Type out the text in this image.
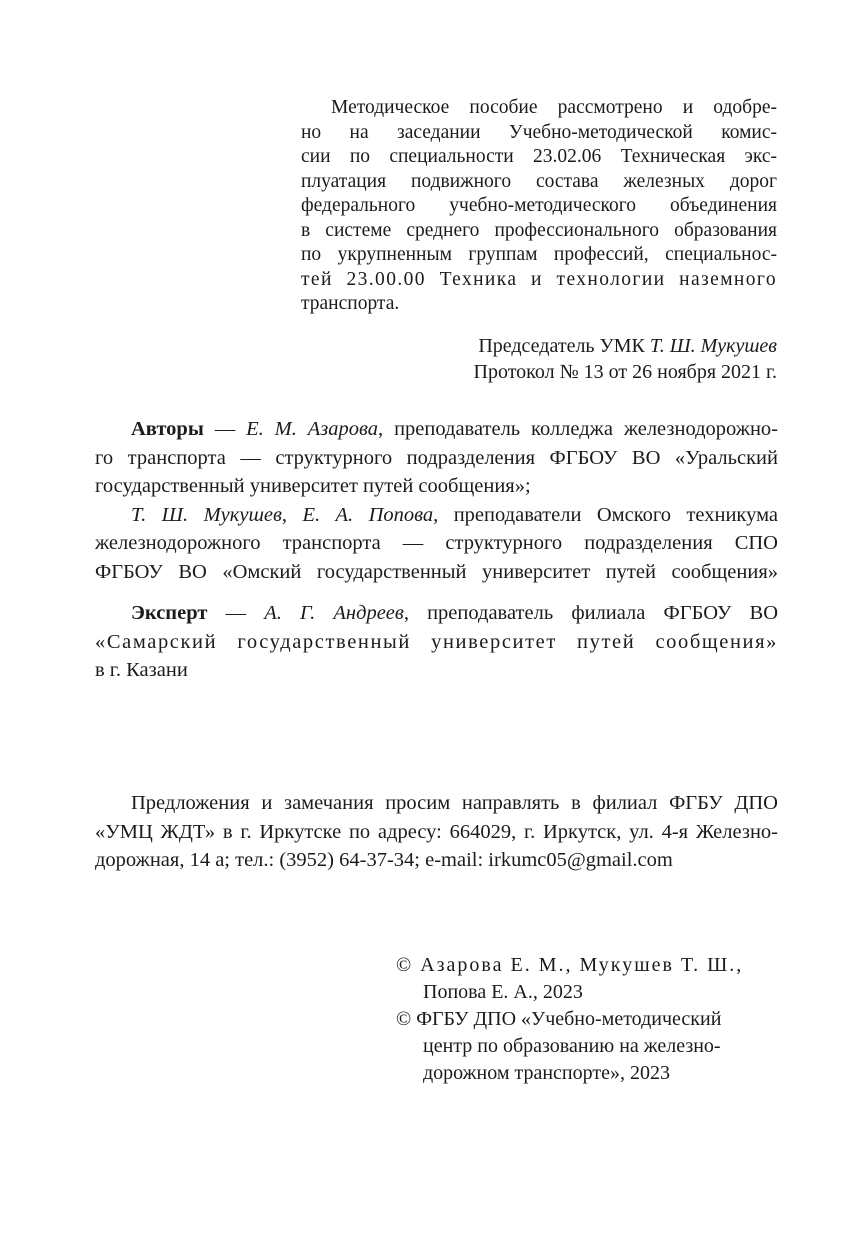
Методическое пособие рассмотрено и одобре-
но на заседании Учебно-методической комис-
сии по специальности 23.02.06 Техническая экс-
плуатация подвижного состава железных дорог
федерального учебно-методического объединения
в системе среднего профессионального образования
по укрупненным группам профессий, специальнос-
тей 23.00.00 Техника и технологии наземного
транспорта.
Председатель УМК Т. Ш. Мукушев
Протокол № 13 от 26 ноября 2021 г.
Авторы — Е. М. Азарова, преподаватель колледжа железнодорожно-
го транспорта — структурного подразделения ФГБОУ ВО «Уральский
государственный университет путей сообщения»;
Т. Ш. Мукушев, Е. А. Попова, преподаватели Омского техникума
железнодорожного транспорта — структурного подразделения СПО
ФГБОУ ВО «Омский государственный университет путей сообщения»
Эксперт — А. Г. Андреев, преподаватель филиала ФГБОУ ВО
«Самарский государственный университет путей сообщения»
в г. Казани
Предложения и замечания просим направлять в филиал ФГБУ ДПО
«УМЦ ЖДТ» в г. Иркутске по адресу: 664029, г. Иркутск, ул. 4-я Железно-
дорожная, 14 а; тел.: (3952) 64-37-34; e-mail: irkumc05@gmail.com
© Азарова Е. М., Мукушев Т. Ш.,
Попова Е. А., 2023
© ФГБУ ДПО «Учебно-методический
центр по образованию на железно-
дорожном транспорте», 2023
